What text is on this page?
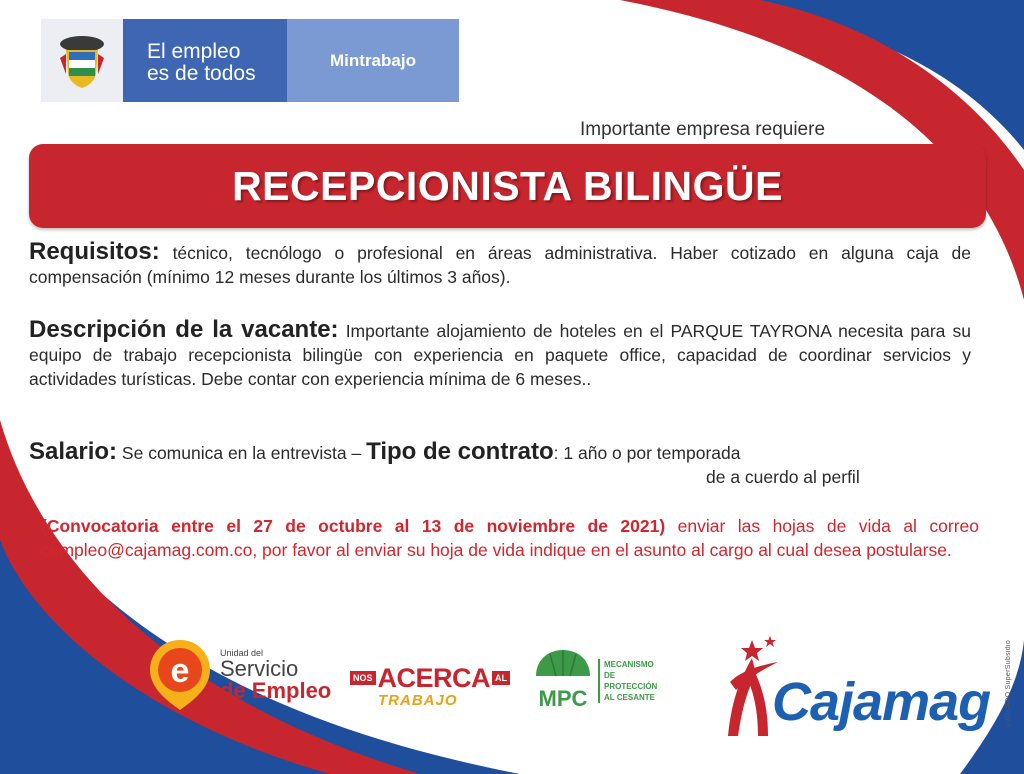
El empleo
es de todos
Mintrabajo
Importante empresa requiere
RECEPCIONISTA BILINGÜE
Requisitos: técnico, tecnólogo o profesional en áreas administrativa. Haber cotizado en alguna caja de compensación (mínimo 12 meses durante los últimos 3 años).
Descripción de la vacante: Importante alojamiento de hoteles en el PARQUE TAYRONA necesita para su equipo de trabajo recepcionista bilingüe con experiencia en paquete office, capacidad de coordinar servicios y actividades turísticas. Debe contar con experiencia mínima de 6 meses..
Salario: Se comunica en la entrevista – Tipo de contrato: 1 año o por temporada
de a cuerdo al perfil
(Convocatoria entre el 27 de octubre al 13 de noviembre de 2021) enviar las hojas de vida al correo cempleo@cajamag.com.co, por favor al enviar su hoja de vida indique en el asunto al cargo al cual desea postularse.
e	Unidad del
Servicio
de Empleo	NOS ACERCA AL
TRABAJO	MPC
MECANISMO DE
PROTECCIÓN
AL CESANTE Cajamag VIGILADO SuperSubsidio
